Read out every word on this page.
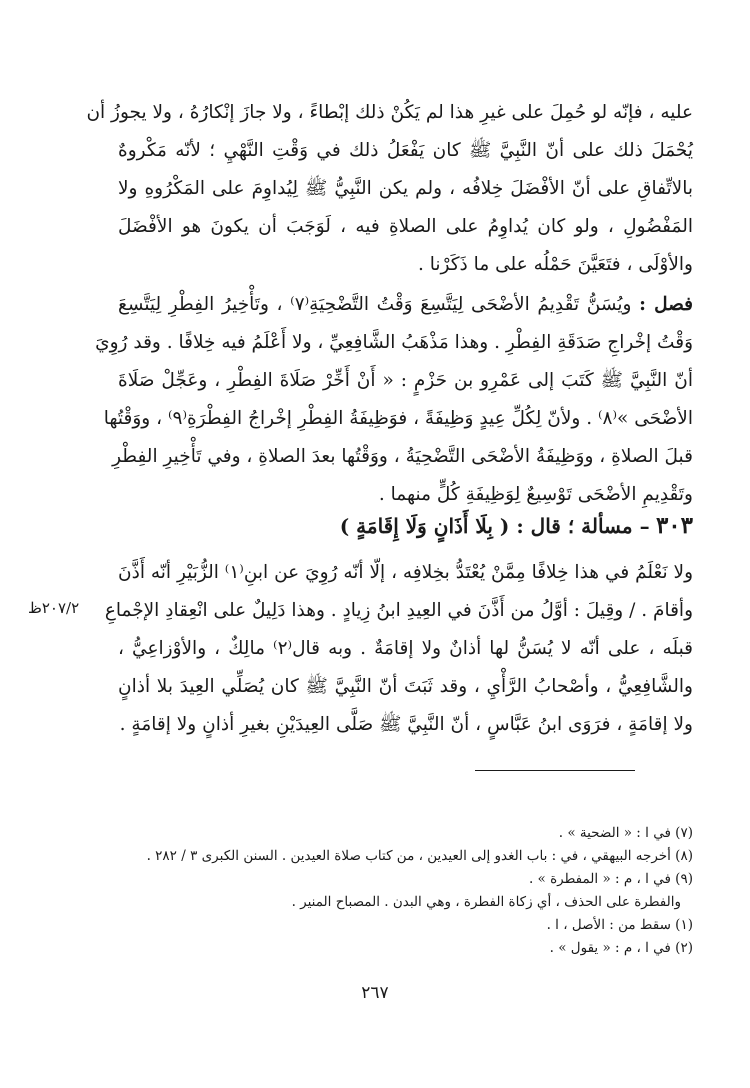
عليه ، فإنّه لو حُمِلَ على غيرِ هذا لم يَكُنْ ذلك إبْطاءً ، ولا جازَ إنْكارُهُ ، ولا يجوزُ أن
يُحْمَلَ ذلك على أنّ النَّبِيَّ ﷺ كان يَفْعَلُ ذلك في وَقْتِ النَّهْيِ ؛ لأنّه مَكْروهٌ
بالاتِّفاقِ على أنّ الأفْضَلَ خِلافُه ، ولم يكن النَّبِيُّ ﷺ لِيُداوِمَ على المَكْرُوهِ ولا
المَفْضُولِ ، ولو كان يُداوِمُ على الصلاةِ فيه ، لَوَجَبَ أن يكونَ هو الأفْضَلَ
والأوْلَى ، فتَعَيَّنَ حَمْلُه على ما ذَكَرْنا .

فصل : ويُسَنُّ تَقْدِيمُ الأضْحَى لِيَتَّسِعَ وَقْتُ التَّضْحِيَةِ⁽٧⁾ ، وتَأْخِيرُ الفِطْرِ لِيَتَّسِعَ
وَقْتُ إخْراجِ صَدَقَةِ الفِطْرِ . وهذا مَذْهَبُ الشَّافِعِيِّ ، ولا أَعْلَمُ فيه خِلافًا . وقد رُوِيَ
أنّ النَّبِيَّ ﷺ كَتَبَ إلى عَمْرِو بن حَزْمٍ : « أَنْ أَخِّرْ صَلَاةَ الفِطْرِ ، وعَجِّلْ صَلَاةَ
الأضْحَى »⁽٨⁾ . ولأنّ لِكُلِّ عِيدٍ وَظِيفَةً ، فوَظِيفَةُ الفِطْرِ إخْراجُ الفِطْرَةِ⁽٩⁾ ، ووَقْتُها
قبلَ الصلاةِ ، ووَظِيفَةُ الأضْحَى التَّضْحِيَةُ ، ووَقْتُها بعدَ الصلاةِ ، وفي تَأْخِيرِ الفِطْرِ
وتَقْدِيمِ الأضْحَى تَوْسِيعٌ لِوَظِيفَةِ كُلٍّ منهما .

٣٠٣ – مسألة ؛ قال : ( بِلَا أَذَانٍ وَلَا إِقَامَةٍ )

ولا نَعْلَمُ في هذا خِلافًا مِمَّنْ يُعْتَدُّ بخِلافِه ، إلّا أنّه رُوِيَ عن ابنِ⁽١⁾ الزُّبَيْرِ أنّه أَذَّنَ
وأقامَ . / وقِيلَ : أوَّلُ من أَذَّنَ في العِيدِ ابنُ زِيادٍ . وهذا دَلِيلٌ على انْعِقادِ الإجْماعِ
قبلَه ، على أنّه لا يُسَنُّ لها أذانٌ ولا إقامَةٌ . وبه قال⁽٢⁾ مالِكٌ ، والأوْزاعِيُّ ،
والشَّافِعِيُّ ، وأصْحابُ الرَّأْيِ ، وقد ثَبَتَ أنّ النَّبِيَّ ﷺ كان يُصَلِّي العِيدَ بلا أذانٍ
ولا إقامَةٍ ، فرَوَى ابنُ عَبَّاسٍ ، أنّ النَّبِيَّ ﷺ صَلَّى العِيدَيْنِ بغيرِ أذانٍ ولا إقامَةٍ .

٢٠٧/٢ظ
(٧) في ا : « الضحية » .
(٨) أخرجه البيهقي ، في : باب الغدو إلى العيدين ، من كتاب صلاة العيدين . السنن الكبرى ٣ / ٢٨٢ .
(٩) في ا ، م : « المفطرة » .
والفطرة على الحذف ، أي زكاة الفطرة ، وهي البدن . المصباح المنير .
(١) سقط من : الأصل ، ا .
(٢) في ا ، م : « يقول » .
٢٦٧
